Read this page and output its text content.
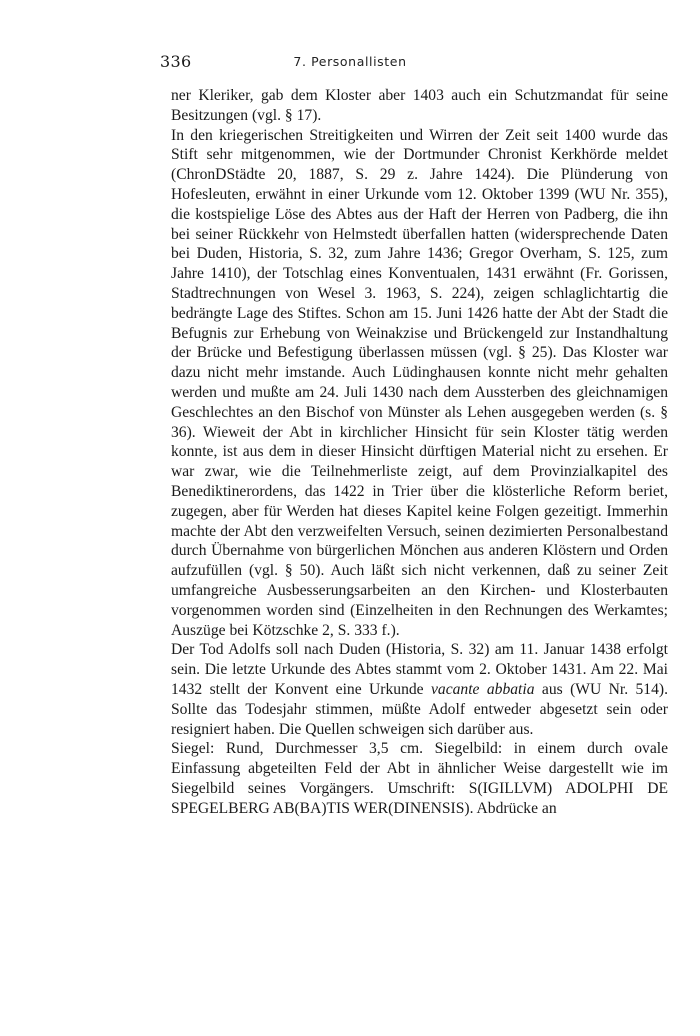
336	7. Personallisten

ner Kleriker, gab dem Kloster aber 1403 auch ein Schutzmandat für seine Besitzungen (vgl. § 17).

In den kriegerischen Streitigkeiten und Wirren der Zeit seit 1400 wurde das Stift sehr mitgenommen, wie der Dortmunder Chronist Kerkhörde meldet (ChronDStädte 20, 1887, S. 29 z. Jahre 1424). Die Plünderung von Hofesleuten, erwähnt in einer Urkunde vom 12. Oktober 1399 (WU Nr. 355), die kostspielige Löse des Abtes aus der Haft der Herren von Padberg, die ihn bei seiner Rückkehr von Helmstedt überfallen hatten (widersprechende Daten bei Duden, Historia, S. 32, zum Jahre 1436; Gregor Overham, S. 125, zum Jahre 1410), der Totschlag eines Konventualen, 1431 erwähnt (Fr. Gorissen, Stadtrechnungen von Wesel 3. 1963, S. 224), zeigen schlaglichtartig die bedrängte Lage des Stiftes. Schon am 15. Juni 1426 hatte der Abt der Stadt die Befugnis zur Erhebung von Weinakzise und Brückengeld zur Instandhaltung der Brücke und Befestigung überlassen müssen (vgl. § 25). Das Kloster war dazu nicht mehr imstande. Auch Lüdinghausen konnte nicht mehr gehalten werden und mußte am 24. Juli 1430 nach dem Aussterben des gleichnamigen Geschlechtes an den Bischof von Münster als Lehen ausgegeben werden (s. § 36). Wieweit der Abt in kirchlicher Hinsicht für sein Kloster tätig werden konnte, ist aus dem in dieser Hinsicht dürftigen Material nicht zu ersehen. Er war zwar, wie die Teilnehmerliste zeigt, auf dem Provinzialkapitel des Benediktinerordens, das 1422 in Trier über die klösterliche Reform beriet, zugegen, aber für Werden hat dieses Kapitel keine Folgen gezeitigt. Immerhin machte der Abt den verzweifelten Versuch, seinen dezimierten Personalbestand durch Übernahme von bürgerlichen Mönchen aus anderen Klöstern und Orden aufzufüllen (vgl. § 50). Auch läßt sich nicht verkennen, daß zu seiner Zeit umfangreiche Ausbesserungsarbeiten an den Kirchen- und Klosterbauten vorgenommen worden sind (Einzelheiten in den Rechnungen des Werkamtes; Auszüge bei Kötzschke 2, S. 333 f.).

Der Tod Adolfs soll nach Duden (Historia, S. 32) am 11. Januar 1438 erfolgt sein. Die letzte Urkunde des Abtes stammt vom 2. Oktober 1431. Am 22. Mai 1432 stellt der Konvent eine Urkunde vacante abbatia aus (WU Nr. 514). Sollte das Todesjahr stimmen, müßte Adolf entweder abgesetzt sein oder resigniert haben. Die Quellen schweigen sich darüber aus.

Siegel: Rund, Durchmesser 3,5 cm. Siegelbild: in einem durch ovale Einfassung abgeteilten Feld der Abt in ähnlicher Weise dargestellt wie im Siegelbild seines Vorgängers. Umschrift: S(IGILLVM) ADOLPHI DE SPEGELBERG AB(BA)TIS WER(DINENSIS). Abdrücke an
